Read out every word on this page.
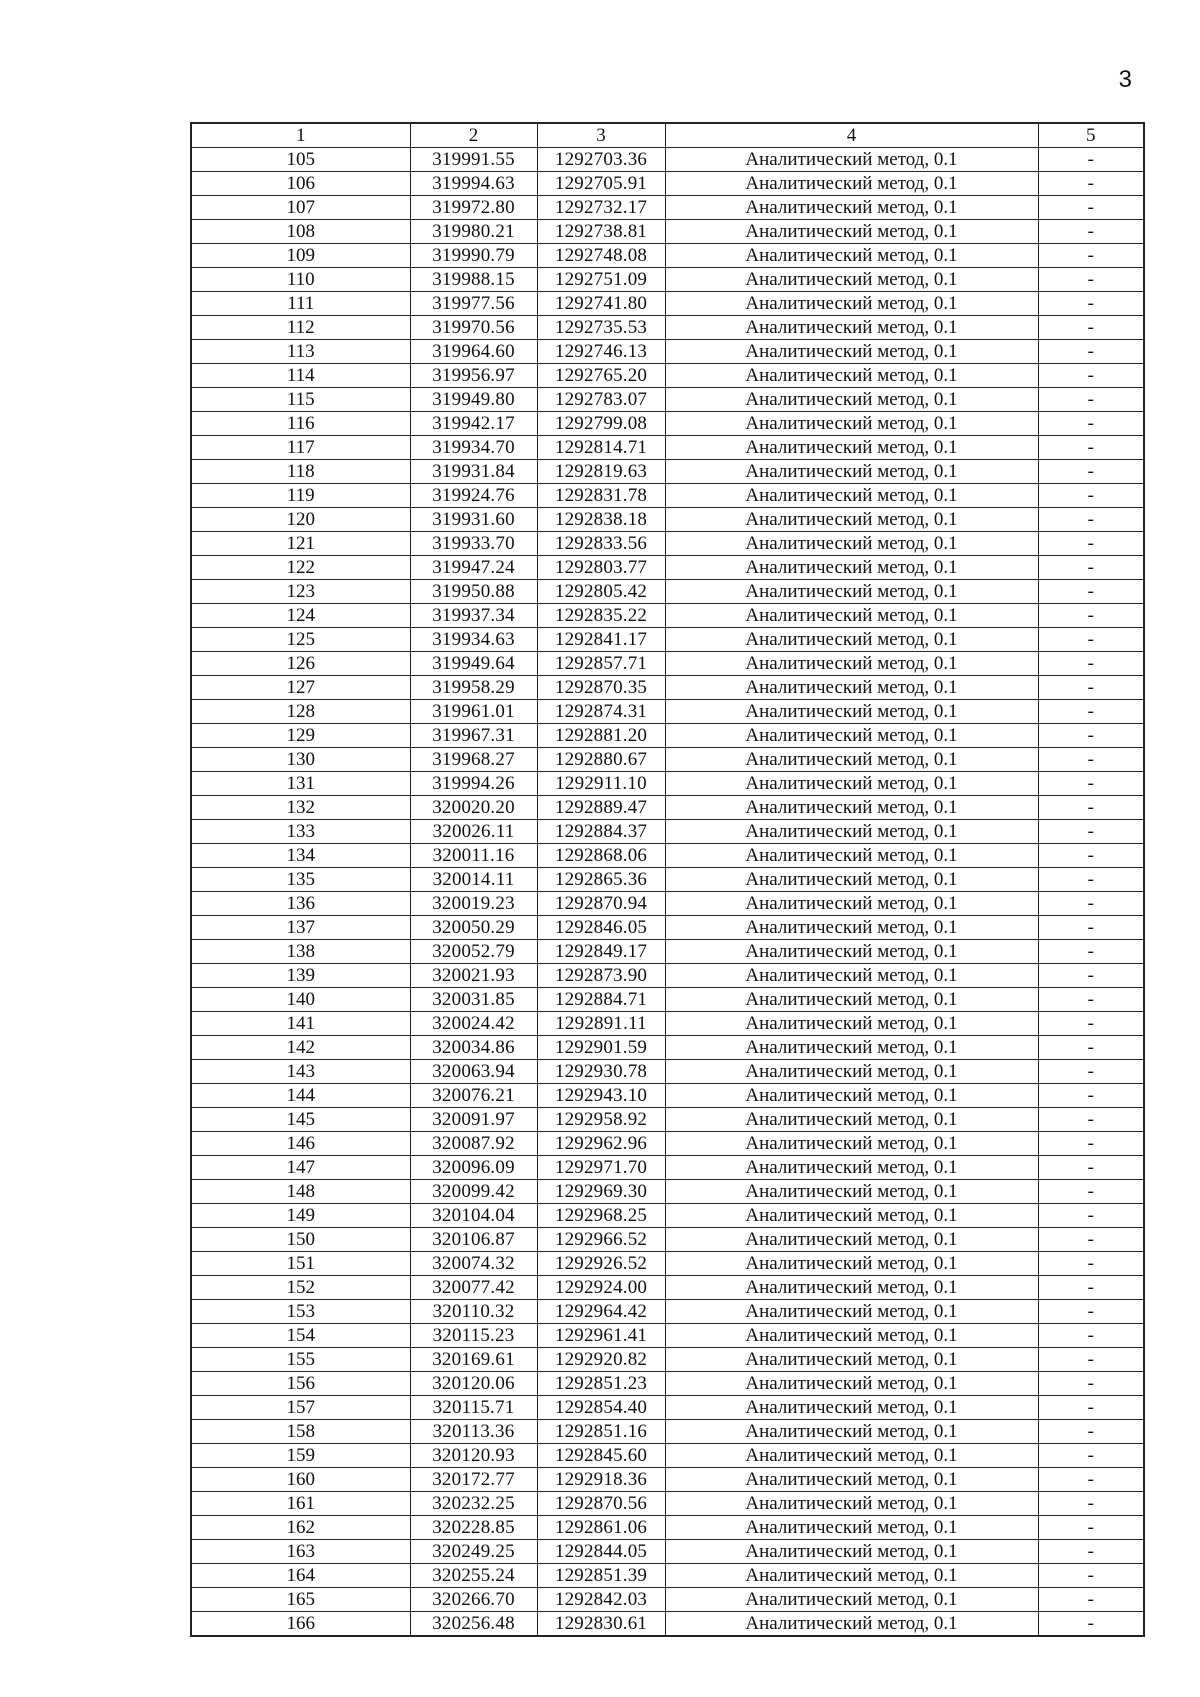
3
1	2	3	4	5
105	319991.55	1292703.36	Аналитический метод, 0.1	-
106	319994.63	1292705.91	Аналитический метод, 0.1	-
107	319972.80	1292732.17	Аналитический метод, 0.1	-
108	319980.21	1292738.81	Аналитический метод, 0.1	-
109	319990.79	1292748.08	Аналитический метод, 0.1	-
110	319988.15	1292751.09	Аналитический метод, 0.1	-
111	319977.56	1292741.80	Аналитический метод, 0.1	-
112	319970.56	1292735.53	Аналитический метод, 0.1	-
113	319964.60	1292746.13	Аналитический метод, 0.1	-
114	319956.97	1292765.20	Аналитический метод, 0.1	-
115	319949.80	1292783.07	Аналитический метод, 0.1	-
116	319942.17	1292799.08	Аналитический метод, 0.1	-
117	319934.70	1292814.71	Аналитический метод, 0.1	-
118	319931.84	1292819.63	Аналитический метод, 0.1	-
119	319924.76	1292831.78	Аналитический метод, 0.1	-
120	319931.60	1292838.18	Аналитический метод, 0.1	-
121	319933.70	1292833.56	Аналитический метод, 0.1	-
122	319947.24	1292803.77	Аналитический метод, 0.1	-
123	319950.88	1292805.42	Аналитический метод, 0.1	-
124	319937.34	1292835.22	Аналитический метод, 0.1	-
125	319934.63	1292841.17	Аналитический метод, 0.1	-
126	319949.64	1292857.71	Аналитический метод, 0.1	-
127	319958.29	1292870.35	Аналитический метод, 0.1	-
128	319961.01	1292874.31	Аналитический метод, 0.1	-
129	319967.31	1292881.20	Аналитический метод, 0.1	-
130	319968.27	1292880.67	Аналитический метод, 0.1	-
131	319994.26	1292911.10	Аналитический метод, 0.1	-
132	320020.20	1292889.47	Аналитический метод, 0.1	-
133	320026.11	1292884.37	Аналитический метод, 0.1	-
134	320011.16	1292868.06	Аналитический метод, 0.1	-
135	320014.11	1292865.36	Аналитический метод, 0.1	-
136	320019.23	1292870.94	Аналитический метод, 0.1	-
137	320050.29	1292846.05	Аналитический метод, 0.1	-
138	320052.79	1292849.17	Аналитический метод, 0.1	-
139	320021.93	1292873.90	Аналитический метод, 0.1	-
140	320031.85	1292884.71	Аналитический метод, 0.1	-
141	320024.42	1292891.11	Аналитический метод, 0.1	-
142	320034.86	1292901.59	Аналитический метод, 0.1	-
143	320063.94	1292930.78	Аналитический метод, 0.1	-
144	320076.21	1292943.10	Аналитический метод, 0.1	-
145	320091.97	1292958.92	Аналитический метод, 0.1	-
146	320087.92	1292962.96	Аналитический метод, 0.1	-
147	320096.09	1292971.70	Аналитический метод, 0.1	-
148	320099.42	1292969.30	Аналитический метод, 0.1	-
149	320104.04	1292968.25	Аналитический метод, 0.1	-
150	320106.87	1292966.52	Аналитический метод, 0.1	-
151	320074.32	1292926.52	Аналитический метод, 0.1	-
152	320077.42	1292924.00	Аналитический метод, 0.1	-
153	320110.32	1292964.42	Аналитический метод, 0.1	-
154	320115.23	1292961.41	Аналитический метод, 0.1	-
155	320169.61	1292920.82	Аналитический метод, 0.1	-
156	320120.06	1292851.23	Аналитический метод, 0.1	-
157	320115.71	1292854.40	Аналитический метод, 0.1	-
158	320113.36	1292851.16	Аналитический метод, 0.1	-
159	320120.93	1292845.60	Аналитический метод, 0.1	-
160	320172.77	1292918.36	Аналитический метод, 0.1	-
161	320232.25	1292870.56	Аналитический метод, 0.1	-
162	320228.85	1292861.06	Аналитический метод, 0.1	-
163	320249.25	1292844.05	Аналитический метод, 0.1	-
164	320255.24	1292851.39	Аналитический метод, 0.1	-
165	320266.70	1292842.03	Аналитический метод, 0.1	-
166	320256.48	1292830.61	Аналитический метод, 0.1	-
